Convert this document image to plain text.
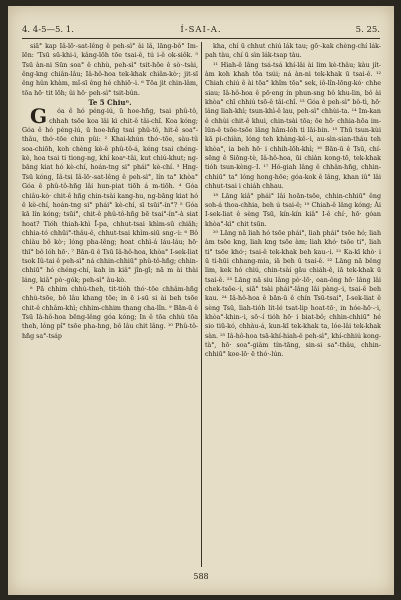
4. 4-5—5. 1.	Í-SAI-A.	5. 25.

siā° kap Iâ-lō·-sat-lêng ê peh-sì° ài lâ, lāng-bô° Im-lēn: 'Tsū sū-khi-i, kâng-lōh tōe tsai-ê, tú i-ê ok-siôk. ⁵ Tsū àn-ni Sūn soa° ê chhù, peh-sì° tsit-hōe ê sò·-tsài, êng-kng chiân-lâu; Iâ-hô-hoa tek-khak chiân-kò·; jit-sī êng hûn khàm, mî-sī êng hé chhiō·-i. ⁶ Tōa jit chin-lâm, tōa hō· tit lōh; ûi hō· peh-sì° tsit-bûn.

Te 5 Chiuⁿ.

G óa ê hó péng-iú, ū hoe-hñg, tsai phû-tô, chhah tsōe koa lâi kì chit-ê tâi-chî. Koa kóng; Góa ê hó péng-iú, ū hoe-hñg tsai phû-tô, hit-ê soa°-thâu, thó·-tōe chin pûi: ² Khai-khún thó·-tōe, sàu-tû soa-chiōh, koh chèng kè-ê phû-tô-á, kéng tsai chéng-kè, hoa tsai ti tiong-ng, khí koaⁿ-tâi, kut chiú-khut; ng-bāng kiat hó kè-chí, hoán-tng si° phái° kè-chí. ³ Hng-Tsū kóng, Iâ-tsi Iâ-lō·-sat-lêng ê peh-sì°, lín ta° khòa° Góa ê phû-tô-hñg lâi hun-piat tiōh á m-tiōh. ⁴ Góa chiâu-kò· chit-ê hñg chin-tsài kang-hu, ng-bāng kiat hó ê kè-chí, hoán-tng si° phái° kè-chí, sī tsūi°-ín°? ⁵ Góa kā lín kóng; tsūi°, chit-ê phû-tô-hñg bē tsai°-ín°-à siat hoat? Tióh thiah-khì Ī-pa, chhut-tsai khìm-sū chiâh; chhia-tó chhūi°-thâu-ê, chhut-tsai khìm-siū sng-·i: ⁶ Bô chiàu bô kò·; lóng pha-lêng; hoat chhì-á láu-láu; hō· thī° bô lóh hō·. ⁷ Bān-ū ê Tsū Iâ-hô-hoa, khòa° I-sek-liat tsok Iû-tai ê peh-sì° ná chhin-chhiū° phû-tô-hñg; chhin-chhiū° hó chéng-chí, kah in kiâ° jîn-gī; nā m ài thài láng, kiâ° pò·-gók; peh-sì° âu-kò.

⁸ Pā chhim chhù-theh, tit-tióh thó·-tōe chhâm-hñg chhù-tsōe, bô lâu khang tōe; in ē i-sū si ài beh tsōe chit-ê chhâm-khì; chhim-chhim thang cha-lîn. ⁹ Bān-ū ê Tsū Iâ-hô-hoa bēng-lêng góa kóng; In ê tōa chhù tōa theh, lóng pî° tsōe pha-hng, bô lâu chit lâng. ¹⁰ Phû-tô-hñg sa°-tsáp

kha, chí ū chhut chiú lák tau; gō·-kak chèng-chí lák-pah tàu, chí ū sìn lák-tsap tàu.

¹¹ Hiah-ê lâng tsá-tsá khí-lâi ài lim kè-thâu; kàu jít-àm koh khah tōa tsúi; ná àn-ni tek-khak ū tsai-ê. ¹² Chiah chiú ê ài tōa° khîm tōa° sek, iô-lîn-lōng-kó· chhe siau; Iâ-hô-hoa ê pō·eng ín phun-sng bô khu-lin, bô ài khòa° chī chhiú tsō-ê tâi-chî. ¹³ Góa ê peh-sì° bô-tì, hō· lâng liah-khì; tsun-khì-ê lau, peh-sì° chhùi-ta. ¹⁴ Im-kan ê chhùi chit-ê khui, chin-tsài tōa; ōe hō· chhia-hōa im-lūn-ê tsōe-tsōe lâng hām-lóh ti lāi-bin. ¹⁵ Thū tsun-kùi kā pi-chiàn, lóng teh khàng-kê-·i, au-sìn-sian-tháu teh khòa°, ia beh hō· i chhih-lōh-khì; ¹⁶ Bān-ū ê Tsū, chí-sēng ê Siōng-tè, Iâ-hô-hoa, ūi chiàn kong-tō, tek-khak tióh tsun-kèng-·I. ¹⁷ Hó-giah lâng ê chhân-hñg, chhin-chhiū° ta° lóng hong-hōe; góa-kok ê lâng, khan iû° lâi chhut-tsai i chiáh chhau.

¹⁸ Lāng kiâ° phái° lâi hoān-tsōe, chhin-chhiū° êng soh-á thoa-chhia, beh ú tsai-ê; ¹⁹ Chiah-ê lâng kóng; Ài I-sek-liat ê sèng Tsū, kín-kín kiâ° I-ê chí·, hō· góan khòa°-kì° chit tsūn.

²⁰ Lāng nā liah hó tsōe phái°, liah phái° tsōe hó; liah àm tsōe kng, liah kng tsōe àm; liah khó· tsōe ti°, liah ti° tsōe khó·; tsai-ê tek-khak beh kau-·i. ²¹ Ka-kī khò· i ū tì-hūi chhang-mia, iā beh ū tsai-ê. ²² Lāng nā bêng lim, kek hó chiú, chin-tsài gāu chiáh-ê, iā tek-khak ū tsai-ê. ²³ Lāng nā siu lâng pò·-lō·, oan-ông hō· lâng lâi chek-tsōe-·i, siā° tsài phái°-lâng lâi pàng-·i, tsai-ê beh kau. ²⁴ Iâ-hô-hoa ê bān-ū ê chín Tsū-tsai°, I-sek-liat ê sèng Tsū, liah-tióh lit-lé tsat-lip hoat-tō·, in hóe-hō·-·i, khòa°-khin-·i, sō·-í tióh hō· i biat-bô; chhin-chhiū° hé sio tiū-kó, chhàu-á, kun-kī tek-khak ta, lóe-lâi tek-khak sàn. ²⁵ Iâ-hô-hoa tsā-khí-hiah-ê peh-sì°, khí-chhiú kong-tà°, hō· soa°-giâm tín-tāng, sin-si sa°-thâu, chhin-chhiū° koe-lō· ē thó·-lún.

588
